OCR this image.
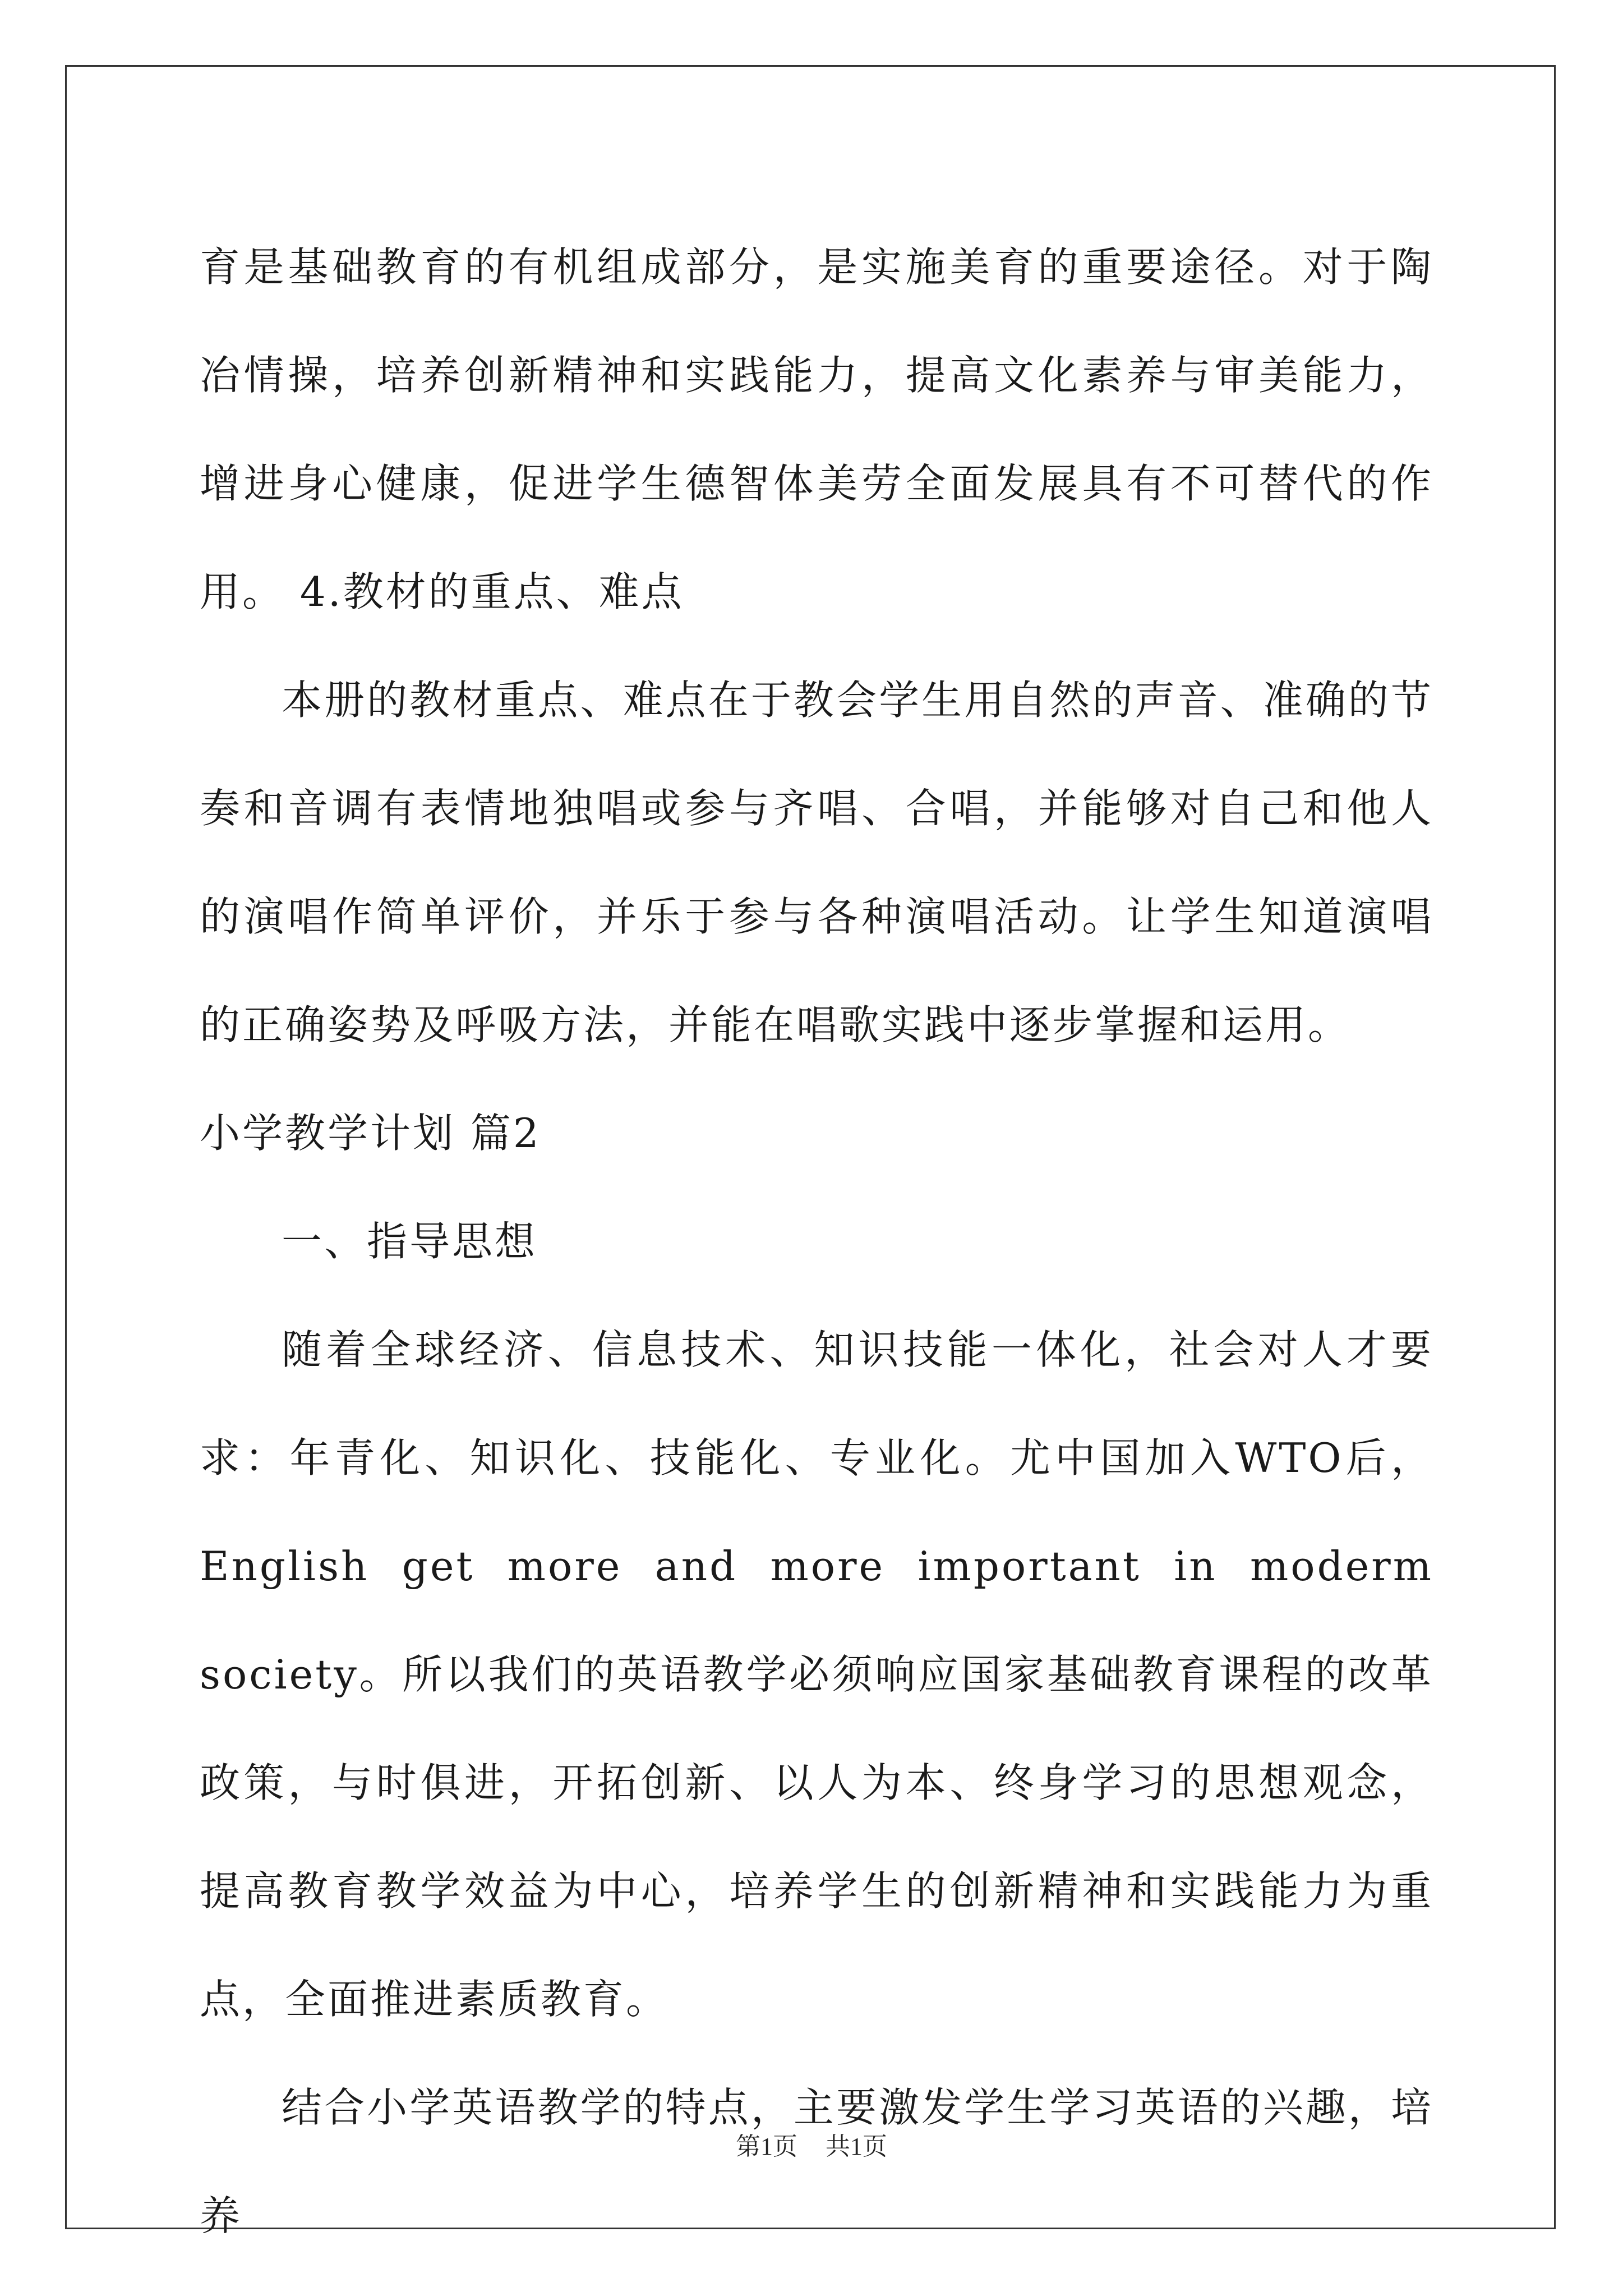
育是基础教育的有机组成部分，是实施美育的重要途径。对于陶冶情操，培养创新精神和实践能力，提高文化素养与审美能力，增进身心健康，促进学生德智体美劳全面发展具有不可替代的作用。 4.教材的重点、难点

本册的教材重点、难点在于教会学生用自然的声音、准确的节奏和音调有表情地独唱或参与齐唱、合唱，并能够对自己和他人的演唱作简单评价，并乐于参与各种演唱活动。让学生知道演唱的正确姿势及呼吸方法，并能在唱歌实践中逐步掌握和运用。

小学教学计划 篇2

一、指导思想

随着全球经济、信息技术、知识技能一体化，社会对人才要求：年青化、知识化、技能化、专业化。尤中国加入WTO后，English get more and more important in moderm society。所以我们的英语教学必须响应国家基础教育课程的改革政策，与时俱进，开拓创新、以人为本、终身学习的思想观念，提高教育教学效益为中心，培养学生的创新精神和实践能力为重点，全面推进素质教育。

结合小学英语教学的特点，主要激发学生学习英语的兴趣，培养

第1页 共1页
